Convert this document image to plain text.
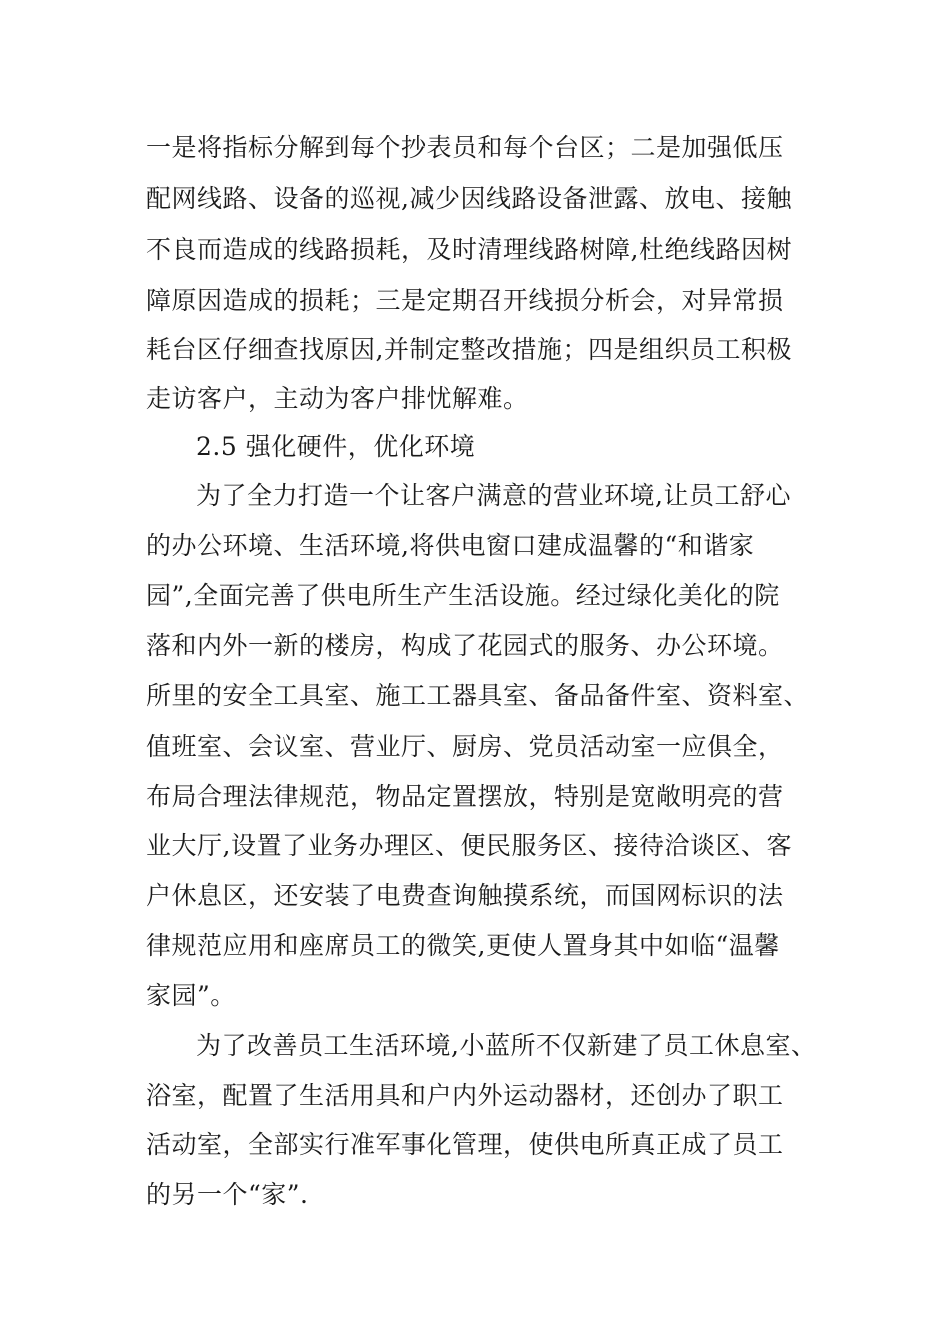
一是将指标分解到每个抄表员和每个台区；二是加强低压
配网线路、设备的巡视,减少因线路设备泄露、放电、接触
不良而造成的线路损耗，及时清理线路树障,杜绝线路因树
障原因造成的损耗；三是定期召开线损分析会，对异常损
耗台区仔细查找原因,并制定整改措施；四是组织员工积极
走访客户，主动为客户排忧解难。
2.5 强化硬件，优化环境
为了全力打造一个让客户满意的营业环境,让员工舒心
的办公环境、生活环境,将供电窗口建成温馨的“和谐家
园”,全面完善了供电所生产生活设施。经过绿化美化的院
落和内外一新的楼房，构成了花园式的服务、办公环境。
所里的安全工具室、施工工器具室、备品备件室、资料室、
值班室、会议室、营业厅、厨房、党员活动室一应俱全，
布局合理法律规范，物品定置摆放，特别是宽敞明亮的营
业大厅,设置了业务办理区、便民服务区、接待洽谈区、客
户休息区，还安装了电费查询触摸系统，而国网标识的法
律规范应用和座席员工的微笑,更使人置身其中如临“温馨
家园”。
为了改善员工生活环境,小蓝所不仅新建了员工休息室、
浴室，配置了生活用具和户内外运动器材，还创办了职工
活动室，全部实行准军事化管理，使供电所真正成了员工
的另一个“家”.
